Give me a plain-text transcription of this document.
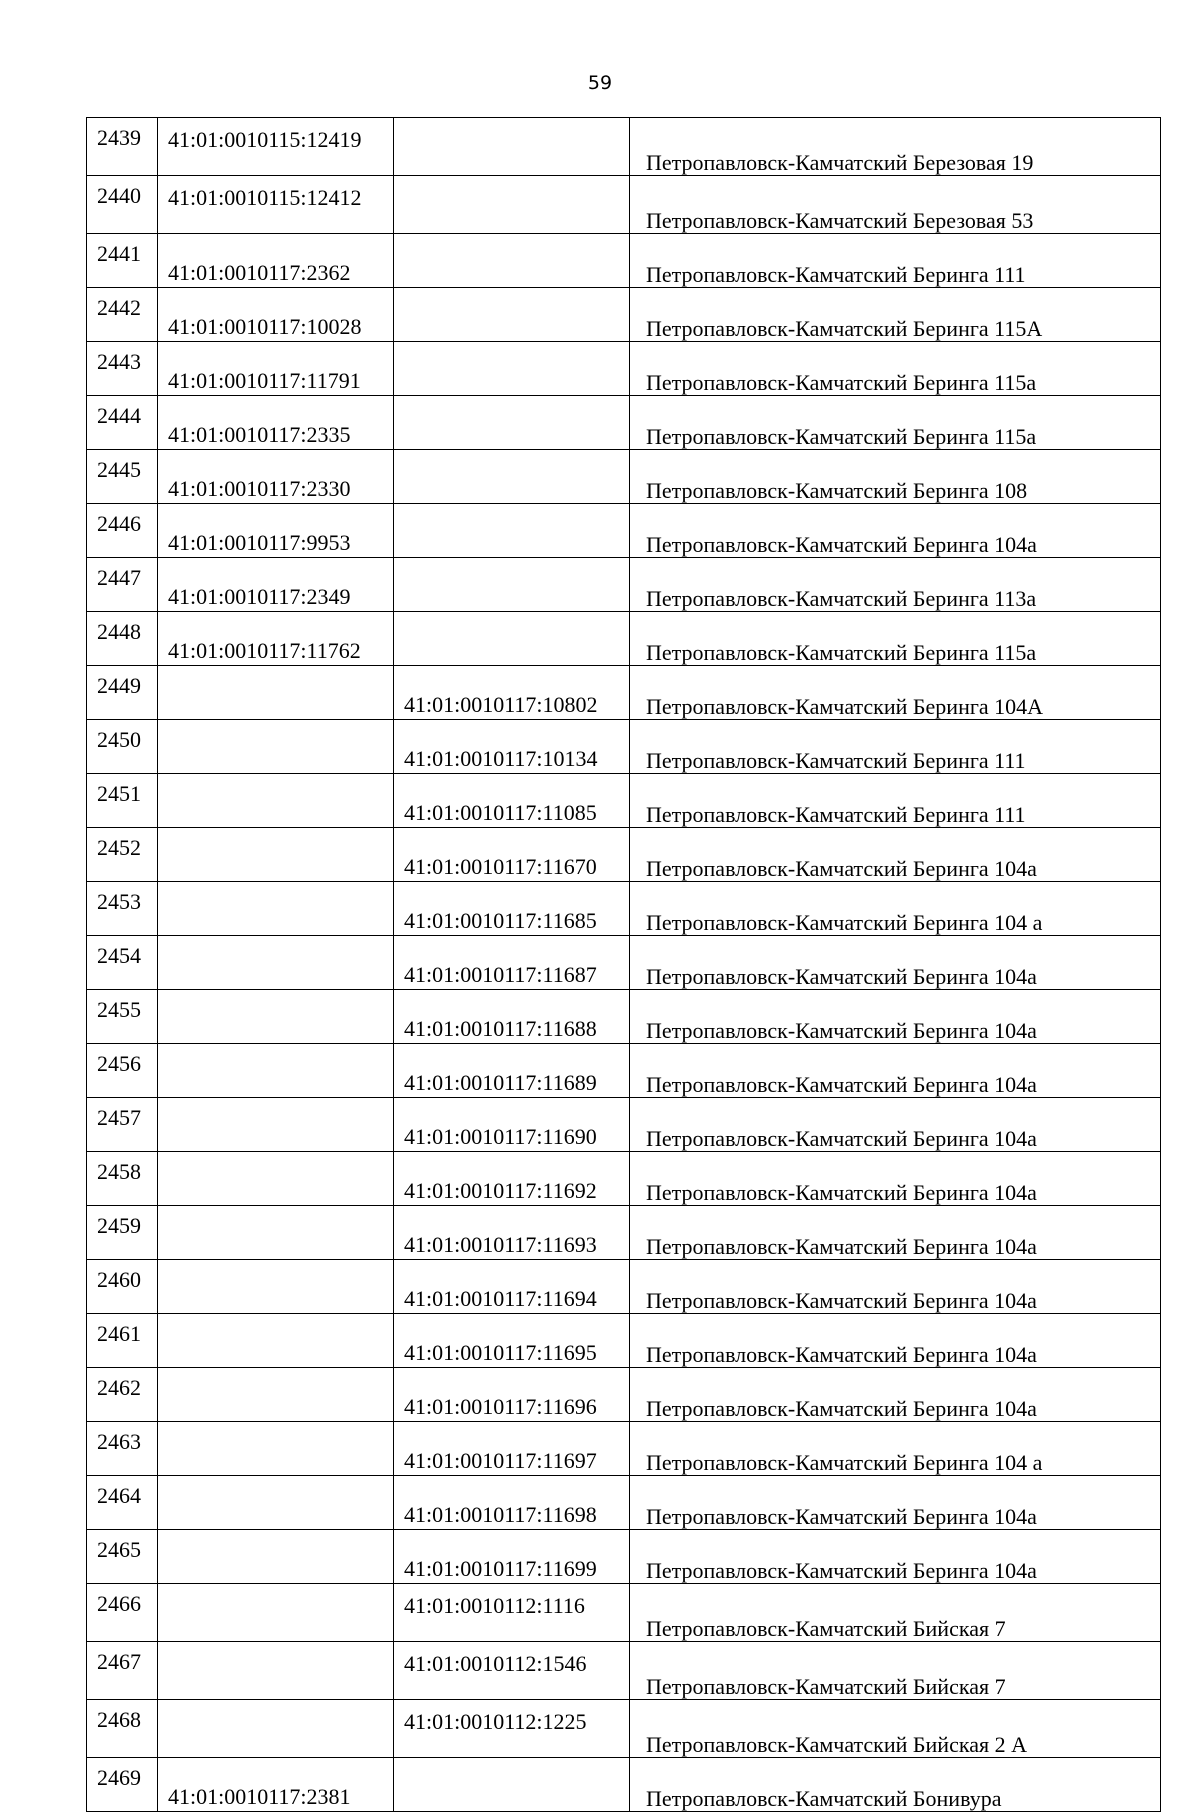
59
2439	41:01:0010115:12419		Петропавловск-Камчатский Березовая 19
2440	41:01:0010115:12412		Петропавловск-Камчатский Березовая 53
2441	41:01:0010117:2362		Петропавловск-Камчатский Беринга 111
2442	41:01:0010117:10028		Петропавловск-Камчатский Беринга 115А
2443	41:01:0010117:11791		Петропавловск-Камчатский Беринга 115а
2444	41:01:0010117:2335		Петропавловск-Камчатский Беринга 115а
2445	41:01:0010117:2330		Петропавловск-Камчатский Беринга 108
2446	41:01:0010117:9953		Петропавловск-Камчатский Беринга 104а
2447	41:01:0010117:2349		Петропавловск-Камчатский Беринга 113а
2448	41:01:0010117:11762		Петропавловск-Камчатский Беринга 115а
2449		41:01:0010117:10802	Петропавловск-Камчатский Беринга 104А
2450		41:01:0010117:10134	Петропавловск-Камчатский Беринга 111
2451		41:01:0010117:11085	Петропавловск-Камчатский Беринга 111
2452		41:01:0010117:11670	Петропавловск-Камчатский Беринга 104а
2453		41:01:0010117:11685	Петропавловск-Камчатский Беринга 104 а
2454		41:01:0010117:11687	Петропавловск-Камчатский Беринга 104а
2455		41:01:0010117:11688	Петропавловск-Камчатский Беринга 104а
2456		41:01:0010117:11689	Петропавловск-Камчатский Беринга 104а
2457		41:01:0010117:11690	Петропавловск-Камчатский Беринга 104а
2458		41:01:0010117:11692	Петропавловск-Камчатский Беринга 104а
2459		41:01:0010117:11693	Петропавловск-Камчатский Беринга 104а
2460		41:01:0010117:11694	Петропавловск-Камчатский Беринга 104а
2461		41:01:0010117:11695	Петропавловск-Камчатский Беринга 104а
2462		41:01:0010117:11696	Петропавловск-Камчатский Беринга 104а
2463		41:01:0010117:11697	Петропавловск-Камчатский Беринга 104 а
2464		41:01:0010117:11698	Петропавловск-Камчатский Беринга 104а
2465		41:01:0010117:11699	Петропавловск-Камчатский Беринга 104а
2466		41:01:0010112:1116	Петропавловск-Камчатский Бийская 7
2467		41:01:0010112:1546	Петропавловск-Камчатский Бийская 7
2468		41:01:0010112:1225	Петропавловск-Камчатский Бийская 2 А
2469	41:01:0010117:2381		Петропавловск-Камчатский Бонивура
